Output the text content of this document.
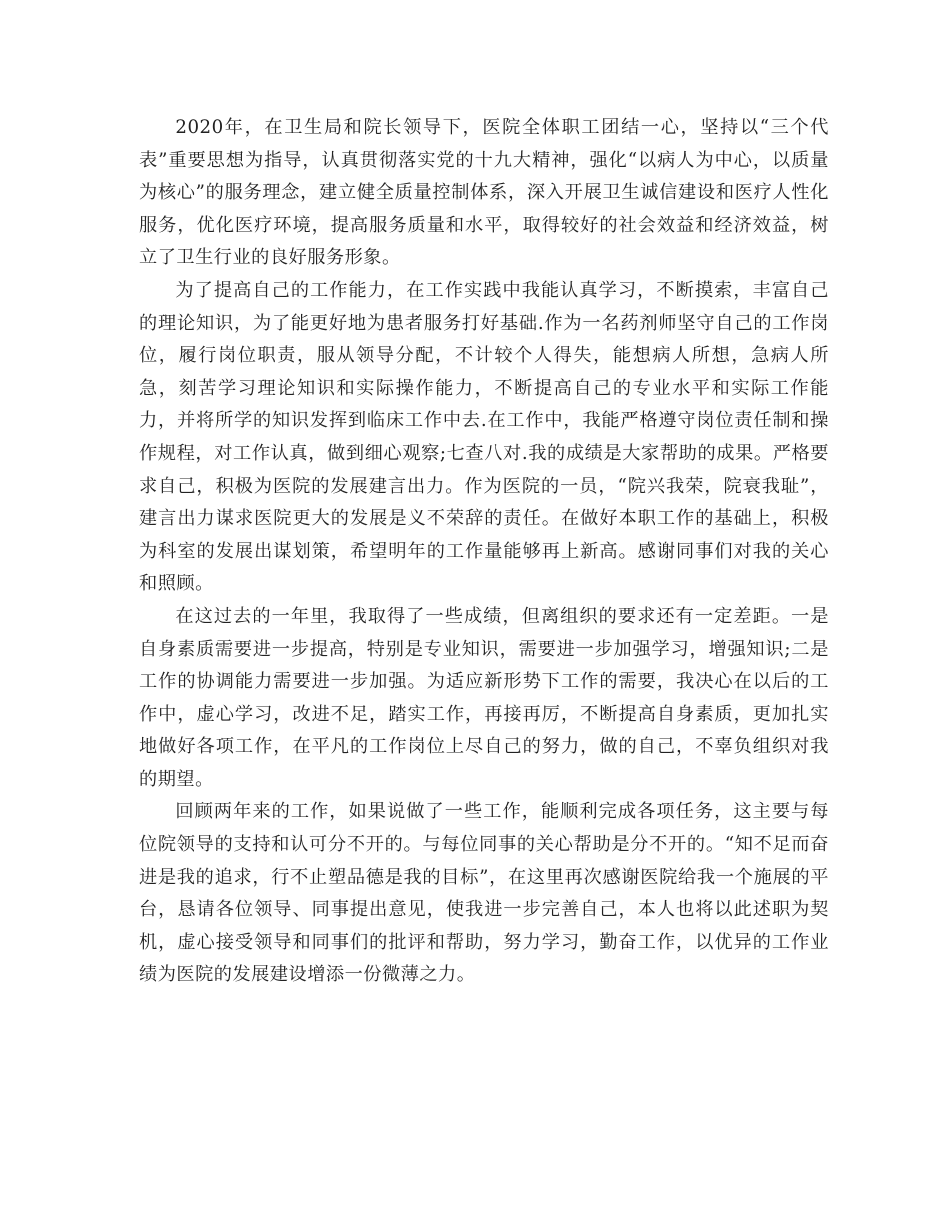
2020年，在卫生局和院长领导下，医院全体职工团结一心，坚持以“三个代表”重要思想为指导，认真贯彻落实党的十九大精神，强化“以病人为中心，以质量为核心”的服务理念，建立健全质量控制体系，深入开展卫生诚信建设和医疗人性化服务，优化医疗环境，提高服务质量和水平，取得较好的社会效益和经济效益，树立了卫生行业的良好服务形象。

为了提高自己的工作能力，在工作实践中我能认真学习，不断摸索，丰富自己的理论知识，为了能更好地为患者服务打好基础.作为一名药剂师坚守自己的工作岗位，履行岗位职责，服从领导分配，不计较个人得失，能想病人所想，急病人所急，刻苦学习理论知识和实际操作能力，不断提高自己的专业水平和实际工作能力，并将所学的知识发挥到临床工作中去.在工作中，我能严格遵守岗位责任制和操作规程，对工作认真，做到细心观察;七查八对.我的成绩是大家帮助的成果。严格要求自己，积极为医院的发展建言出力。作为医院的一员，“院兴我荣，院衰我耻”，建言出力谋求医院更大的发展是义不荣辞的责任。在做好本职工作的基础上，积极为科室的发展出谋划策，希望明年的工作量能够再上新高。感谢同事们对我的关心和照顾。

在这过去的一年里，我取得了一些成绩，但离组织的要求还有一定差距。一是自身素质需要进一步提高，特别是专业知识，需要进一步加强学习，增强知识;二是工作的协调能力需要进一步加强。为适应新形势下工作的需要，我决心在以后的工作中，虚心学习，改进不足，踏实工作，再接再厉，不断提高自身素质，更加扎实地做好各项工作，在平凡的工作岗位上尽自己的努力，做的自己，不辜负组织对我的期望。

回顾两年来的工作，如果说做了一些工作，能顺利完成各项任务，这主要与每位院领导的支持和认可分不开的。与每位同事的关心帮助是分不开的。“知不足而奋进是我的追求，行不止塑品德是我的目标”，在这里再次感谢医院给我一个施展的平台，恳请各位领导、同事提出意见，使我进一步完善自己，本人也将以此述职为契机，虚心接受领导和同事们的批评和帮助，努力学习，勤奋工作，以优异的工作业绩为医院的发展建设增添一份微薄之力。
